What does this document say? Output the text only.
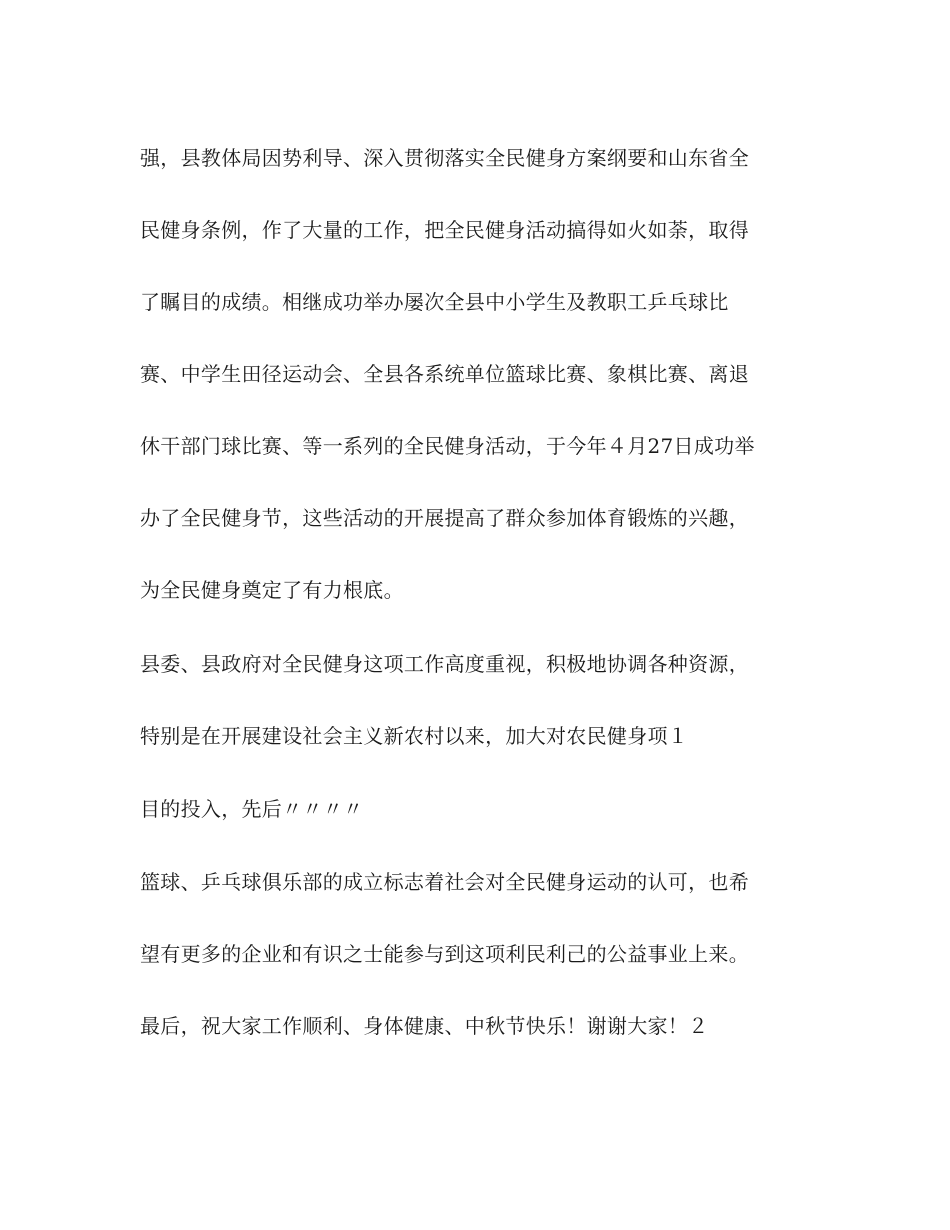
强，县教体局因势利导、深入贯彻落实全民健身方案纲要和山东省全
民健身条例，作了大量的工作，把全民健身活动搞得如火如荼，取得
了瞩目的成绩。相继成功举办屡次全县中小学生及教职工乒乓球比
赛、中学生田径运动会、全县各系统单位篮球比赛、象棋比赛、离退
休干部门球比赛、等一系列的全民健身活动，于今年４月27日成功举
办了全民健身节，这些活动的开展提高了群众参加体育锻炼的兴趣，
为全民健身奠定了有力根底。
县委、县政府对全民健身这项工作高度重视，积极地协调各种资源，
特别是在开展建设社会主义新农村以来，加大对农民健身项１
目的投入，先后〃〃〃〃
篮球、乒乓球俱乐部的成立标志着社会对全民健身运动的认可，也希
望有更多的企业和有识之士能参与到这项利民利己的公益事业上来。
最后，祝大家工作顺利、身体健康、中秋节快乐！谢谢大家！２
